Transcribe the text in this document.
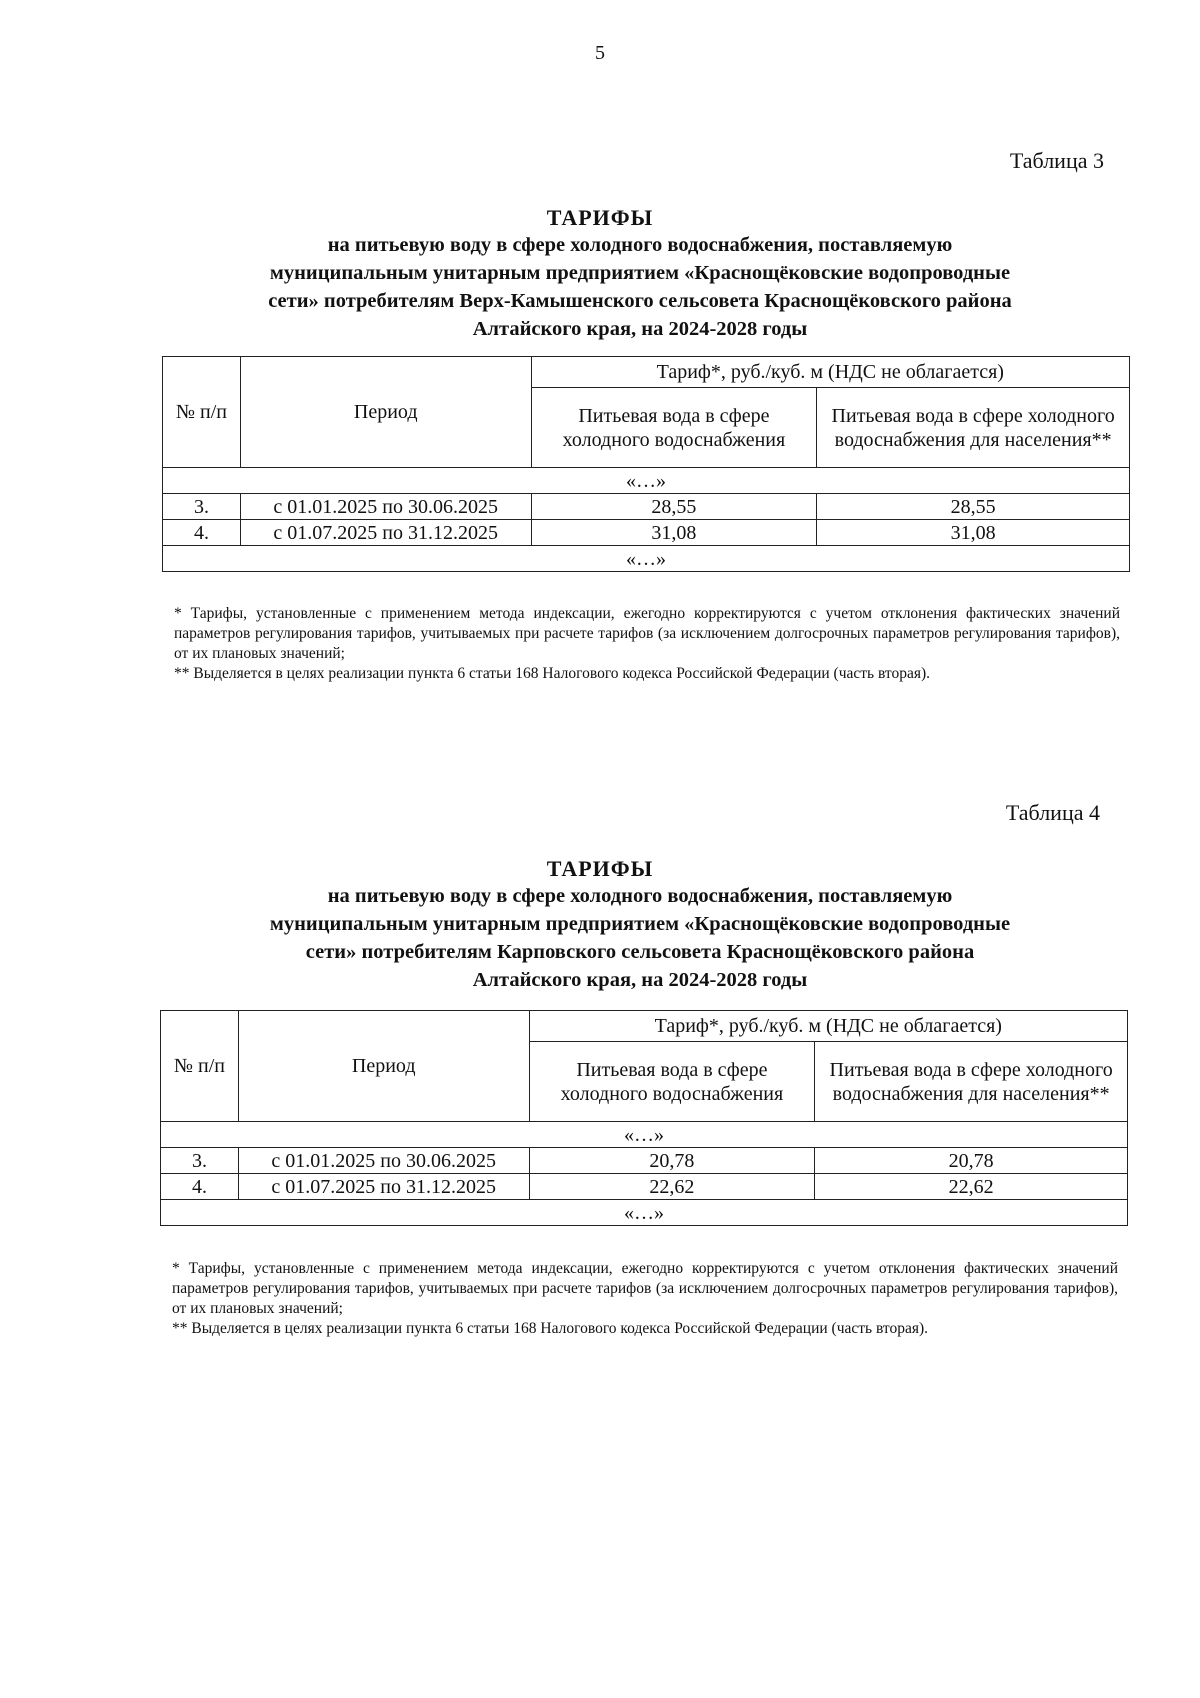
5
Таблица 3
ТАРИФЫ
на питьевую воду в сфере холодного водоснабжения, поставляемую
муниципальным унитарным предприятием «Краснощёковские водопроводные
сети» потребителям Верх-Камышенского сельсовета Краснощёковского района
Алтайского края, на 2024-2028 годы
№ п/п	Период	Тариф*, руб./куб. м (НДС не облагается)	
		Питьевая вода в сфере холодного водоснабжения	Питьевая вода в сфере холодного водоснабжения для населения**
«…»			
3.	с 01.01.2025 по 30.06.2025	28,55	28,55
4.	с 01.07.2025 по 31.12.2025	31,08	31,08
«…»			

* Тарифы, установленные с применением метода индексации, ежегодно корректируются с учетом отклонения фактических значений параметров регулирования тарифов, учитываемых при расчете тарифов (за исключением долгосрочных параметров регулирования тарифов), от их плановых значений;

** Выделяется в целях реализации пункта 6 статьи 168 Налогового кодекса Российской Федерации (часть вторая).

Таблица 4
ТАРИФЫ
на питьевую воду в сфере холодного водоснабжения, поставляемую
муниципальным унитарным предприятием «Краснощёковские водопроводные
сети» потребителям Карповского сельсовета Краснощёковского района
Алтайского края, на 2024-2028 годы
№ п/п	Период	Тариф*, руб./куб. м (НДС не облагается)	
		Питьевая вода в сфере холодного водоснабжения	Питьевая вода в сфере холодного водоснабжения для населения**
«…»			
3.	с 01.01.2025 по 30.06.2025	20,78	20,78
4.	с 01.07.2025 по 31.12.2025	22,62	22,62
«…»			

* Тарифы, установленные с применением метода индексации, ежегодно корректируются с учетом отклонения фактических значений параметров регулирования тарифов, учитываемых при расчете тарифов (за исключением долгосрочных параметров регулирования тарифов), от их плановых значений;

** Выделяется в целях реализации пункта 6 статьи 168 Налогового кодекса Российской Федерации (часть вторая).
